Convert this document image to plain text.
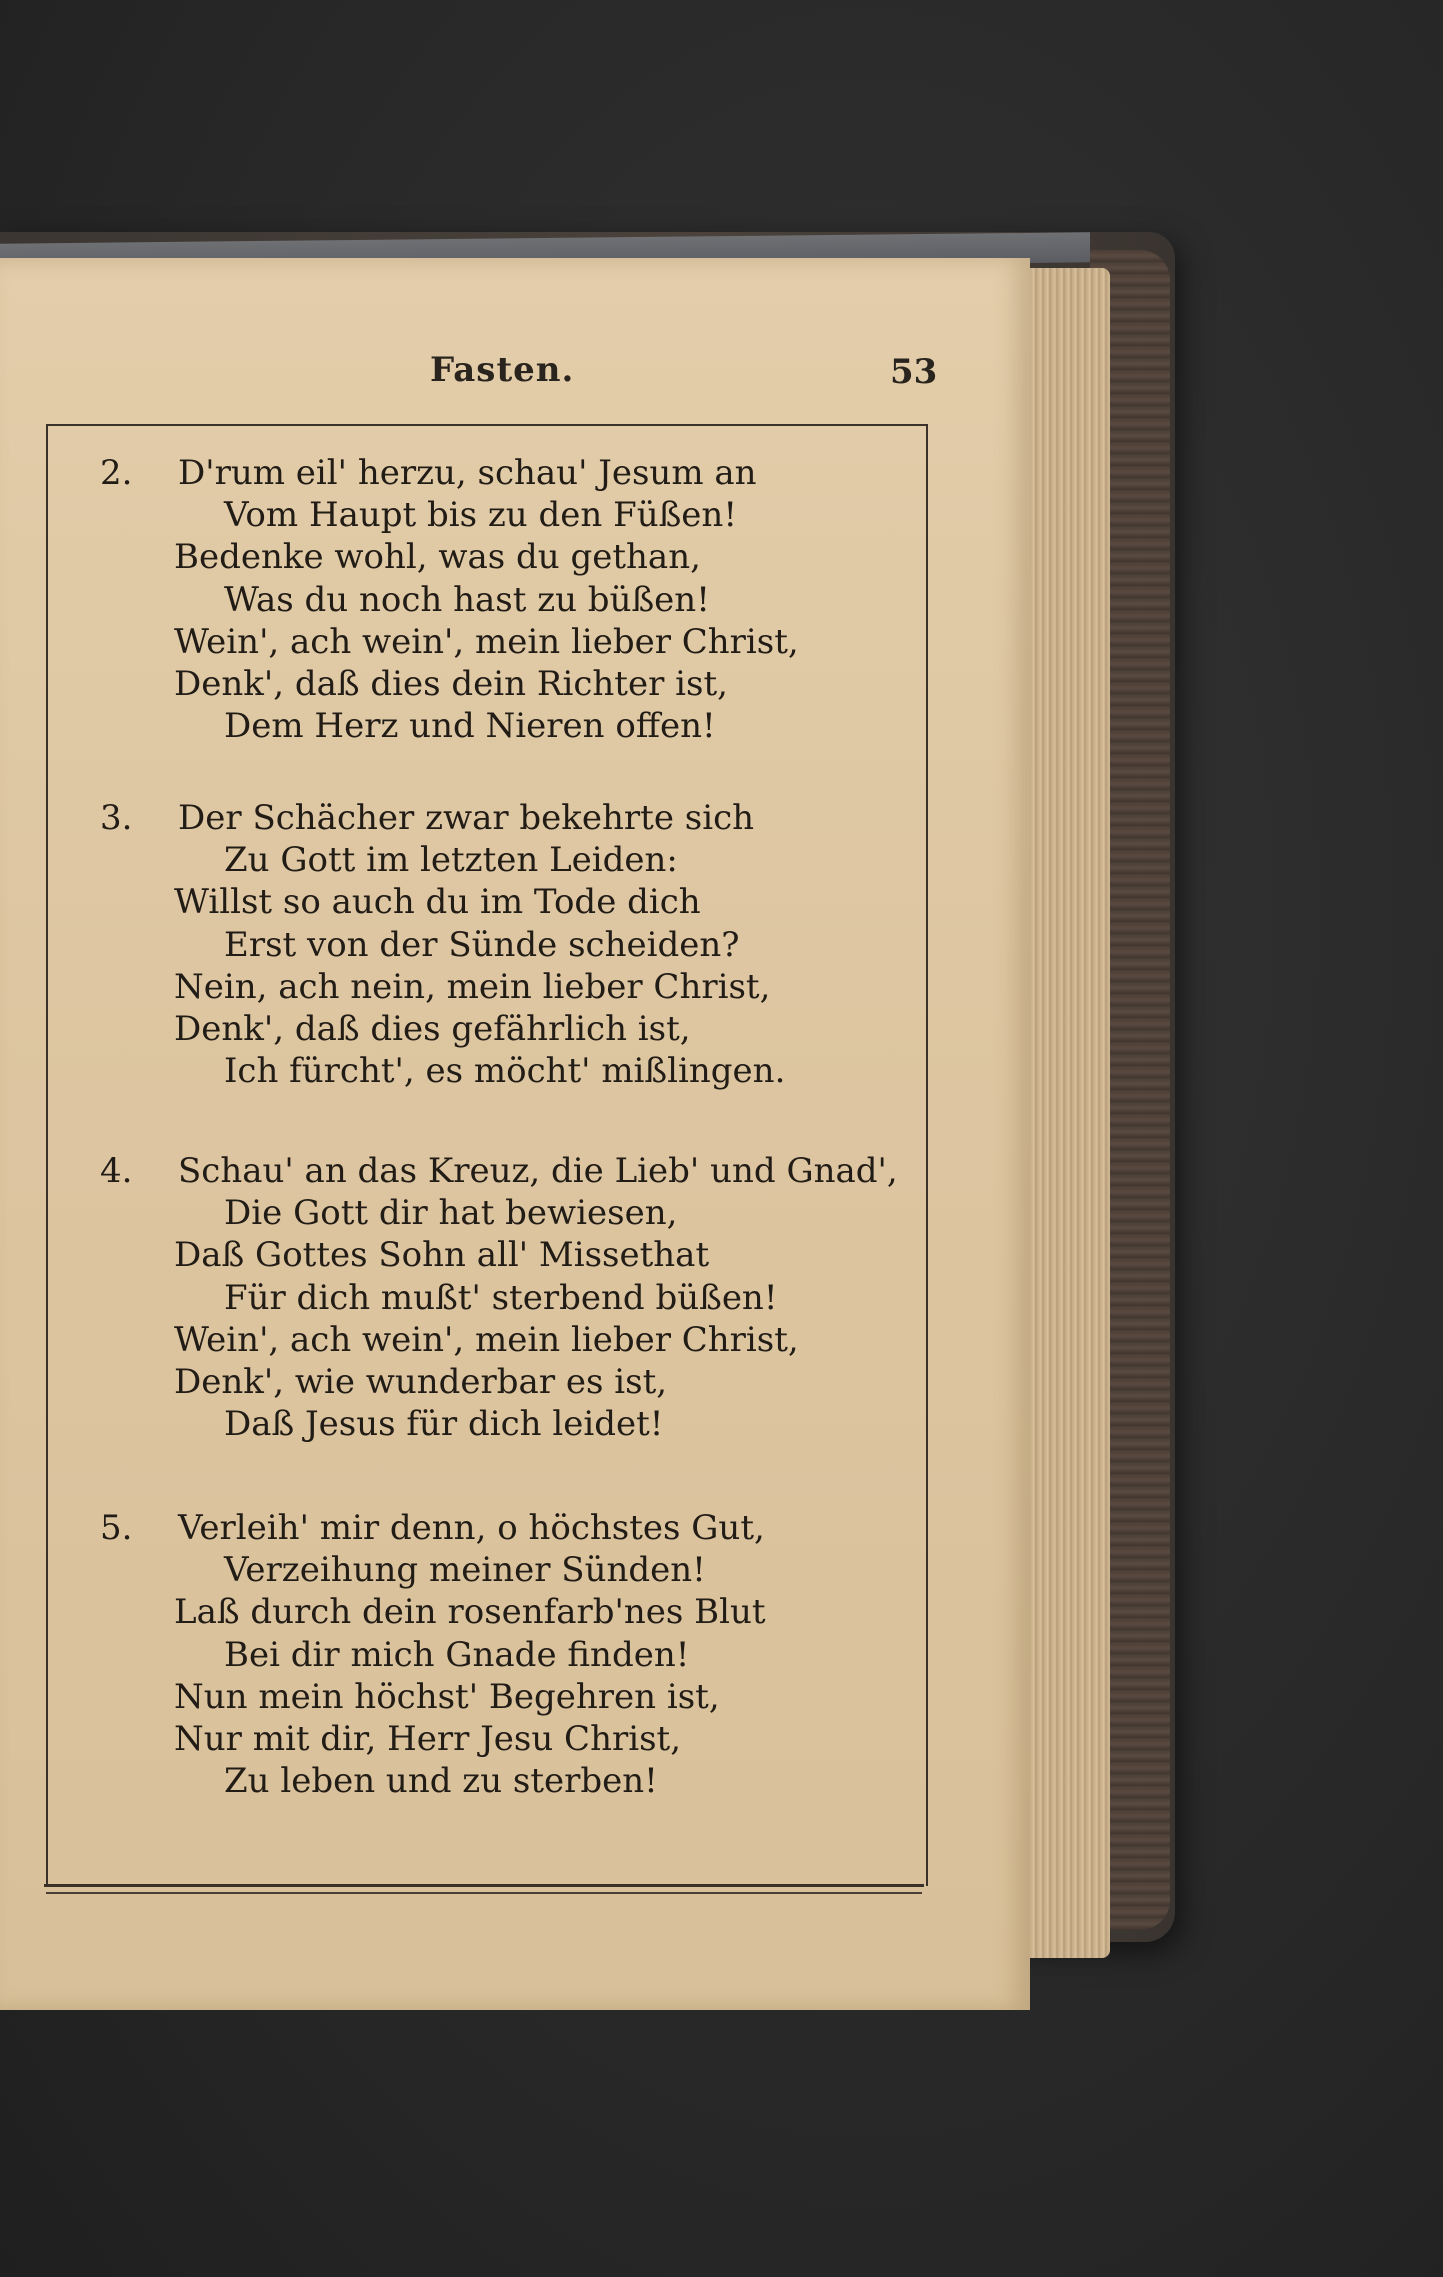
Fasten.	53
2.	D'rum eil' herzu, schau' Jesum an
Vom Haupt bis zu den Füßen!
Bedenke wohl, was du gethan,
Was du noch hast zu büßen!
Wein', ach wein', mein lieber Christ,
Denk', daß dies dein Richter ist,
Dem Herz und Nieren offen!
3.	Der Schächer zwar bekehrte sich
Zu Gott im letzten Leiden:
Willst so auch du im Tode dich
Erst von der Sünde scheiden?
Nein, ach nein, mein lieber Christ,
Denk', daß dies gefährlich ist,
Ich fürcht', es möcht' mißlingen.
4.	Schau' an das Kreuz, die Lieb' und Gnad',
Die Gott dir hat bewiesen,
Daß Gottes Sohn all' Missethat
Für dich mußt' sterbend büßen!
Wein', ach wein', mein lieber Christ,
Denk', wie wunderbar es ist,
Daß Jesus für dich leidet!
5.	Verleih' mir denn, o höchstes Gut,
Verzeihung meiner Sünden!
Laß durch dein rosenfarb'nes Blut
Bei dir mich Gnade finden!
Nun mein höchst' Begehren ist,
Nur mit dir, Herr Jesu Christ,
Zu leben und zu sterben!
